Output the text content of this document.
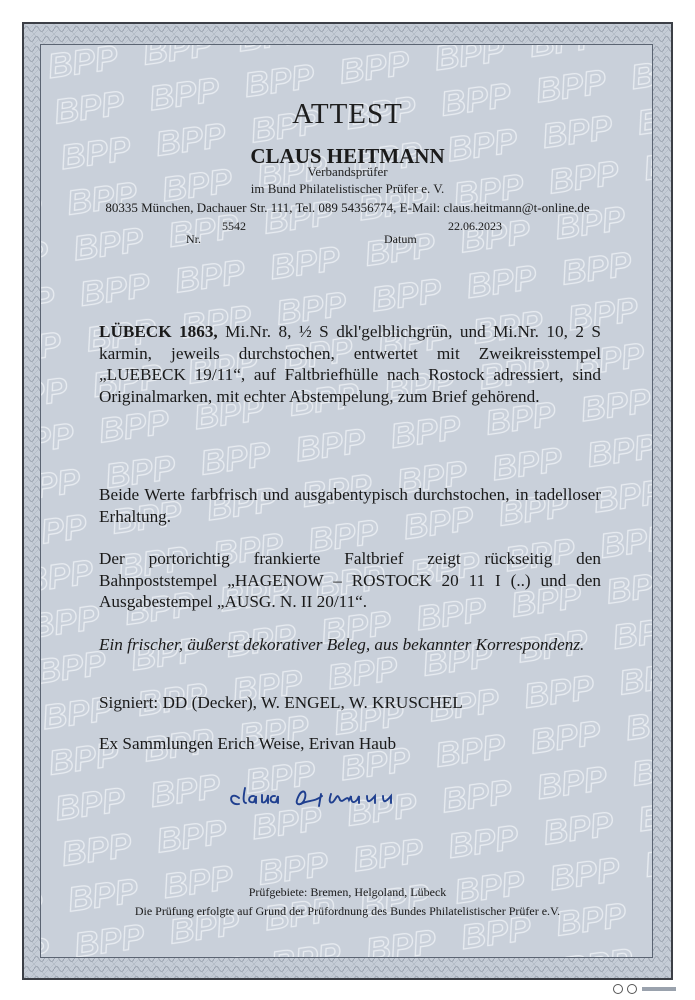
ATTEST
CLAUS HEITMANN
Verbandsprüfer
im Bund Philatelistischer Prüfer e. V.
80335 München, Dachauer Str. 111, Tel. 089 54356774, E-Mail: claus.heitmann@t-online.de
5542
Nr.
22.06.2023
Datum
LÜBECK 1863, Mi.Nr. 8, ½ S dkl'gelblichgrün, und Mi.Nr. 10, 2 S karmin, jeweils durchstochen, entwertet mit Zweikreisstempel „LUEBECK 19/11“, auf Faltbriefhülle nach Rostock adressiert, sind Originalmarken, mit echter Abstempelung, zum Brief gehörend.
Beide Werte farbfrisch und ausgabentypisch durchstochen, in tadelloser Erhaltung.
Der portorichtig frankierte Faltbrief zeigt rückseitig den Bahnpoststempel „HAGENOW – ROSTOCK 20 11 I (..) und den Ausgabestempel „AUSG. N. II 20/11“.
Ein frischer, äußerst dekorativer Beleg, aus bekannter Korrespondenz.
Signiert: DD (Decker), W. ENGEL, W. KRUSCHEL
Ex Sammlungen Erich Weise, Erivan Haub
Prüfgebiete: Bremen, Helgoland, Lübeck
Die Prüfung erfolgte auf Grund der Prüfordnung des Bundes Philatelistischer Prüfer e.V.
